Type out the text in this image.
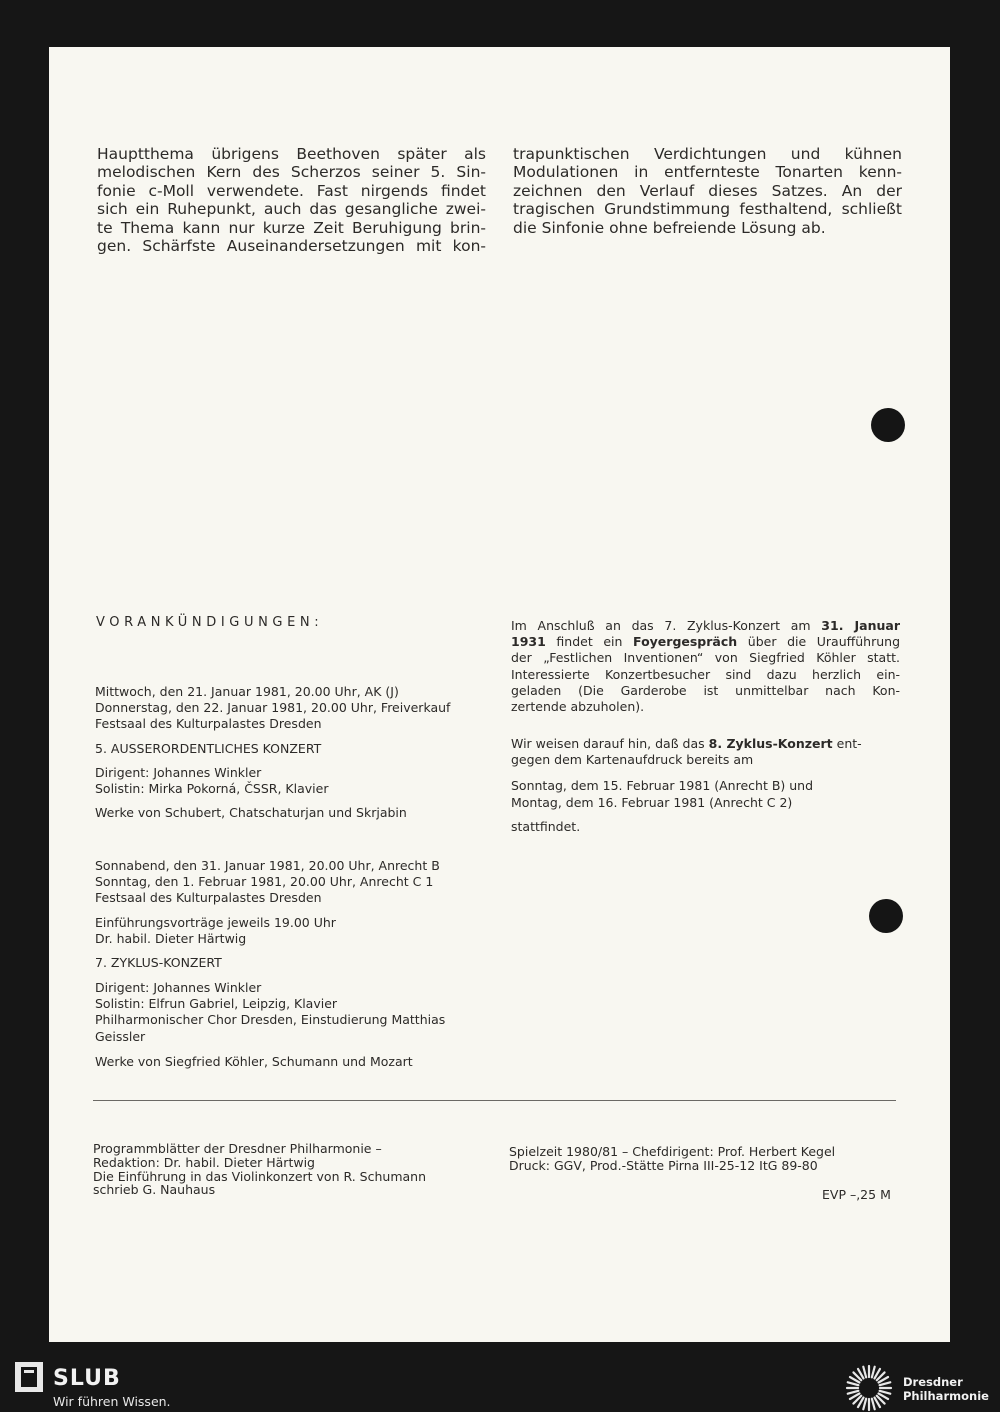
Hauptthema übrigens Beethoven später als
melodischen Kern des Scherzos seiner 5. Sin-
fonie c-Moll verwendete. Fast nirgends findet
sich ein Ruhepunkt, auch das gesangliche zwei-
te Thema kann nur kurze Zeit Beruhigung brin-
gen. Schärfste Auseinandersetzungen mit kon-
trapunktischen Verdichtungen und kühnen
Modulationen in entfernteste Tonarten kenn-
zeichnen den Verlauf dieses Satzes. An der
tragischen Grundstimmung festhaltend, schließt
die Sinfonie ohne befreiende Lösung ab.
VORANKÜNDIGUNGEN:
Mittwoch, den 21. Januar 1981, 20.00 Uhr, AK (J)
Donnerstag, den 22. Januar 1981, 20.00 Uhr, Freiverkauf
Festsaal des Kulturpalastes Dresden
5. AUSSERORDENTLICHES KONZERT
Dirigent: Johannes Winkler
Solistin: Mirka Pokorná, ČSSR, Klavier
Werke von Schubert, Chatschaturjan und Skrjabin
Sonnabend, den 31. Januar 1981, 20.00 Uhr, Anrecht B
Sonntag, den 1. Februar 1981, 20.00 Uhr, Anrecht C 1
Festsaal des Kulturpalastes Dresden
Einführungsvorträge jeweils 19.00 Uhr
Dr. habil. Dieter Härtwig
7. ZYKLUS-KONZERT
Dirigent: Johannes Winkler
Solistin: Elfrun Gabriel, Leipzig, Klavier
Philharmonischer Chor Dresden, Einstudierung Matthias
Geissler
Werke von Siegfried Köhler, Schumann und Mozart
Im Anschluß an das 7. Zyklus-Konzert am 31. Januar
1931 findet ein Foyergespräch über die Uraufführung
der „Festlichen Inventionen“ von Siegfried Köhler statt.
Interessierte Konzertbesucher sind dazu herzlich ein-
geladen (Die Garderobe ist unmittelbar nach Kon-
zertende abzuholen).
Wir weisen darauf hin, daß das 8. Zyklus-Konzert ent-
gegen dem Kartenaufdruck bereits am
Sonntag, dem 15. Februar 1981 (Anrecht B) und
Montag, dem 16. Februar 1981 (Anrecht C 2)
stattfindet.
Programmblätter der Dresdner Philharmonie –
Redaktion: Dr. habil. Dieter Härtwig
Die Einführung in das Violinkonzert von R. Schumann
schrieb G. Nauhaus
Spielzeit 1980/81 – Chefdirigent: Prof. Herbert Kegel
Druck: GGV, Prod.-Stätte Pirna III-25-12 ItG 89-80
EVP –,25 M
SLUB
Wir führen Wissen.
Dresdner
Philharmonie
